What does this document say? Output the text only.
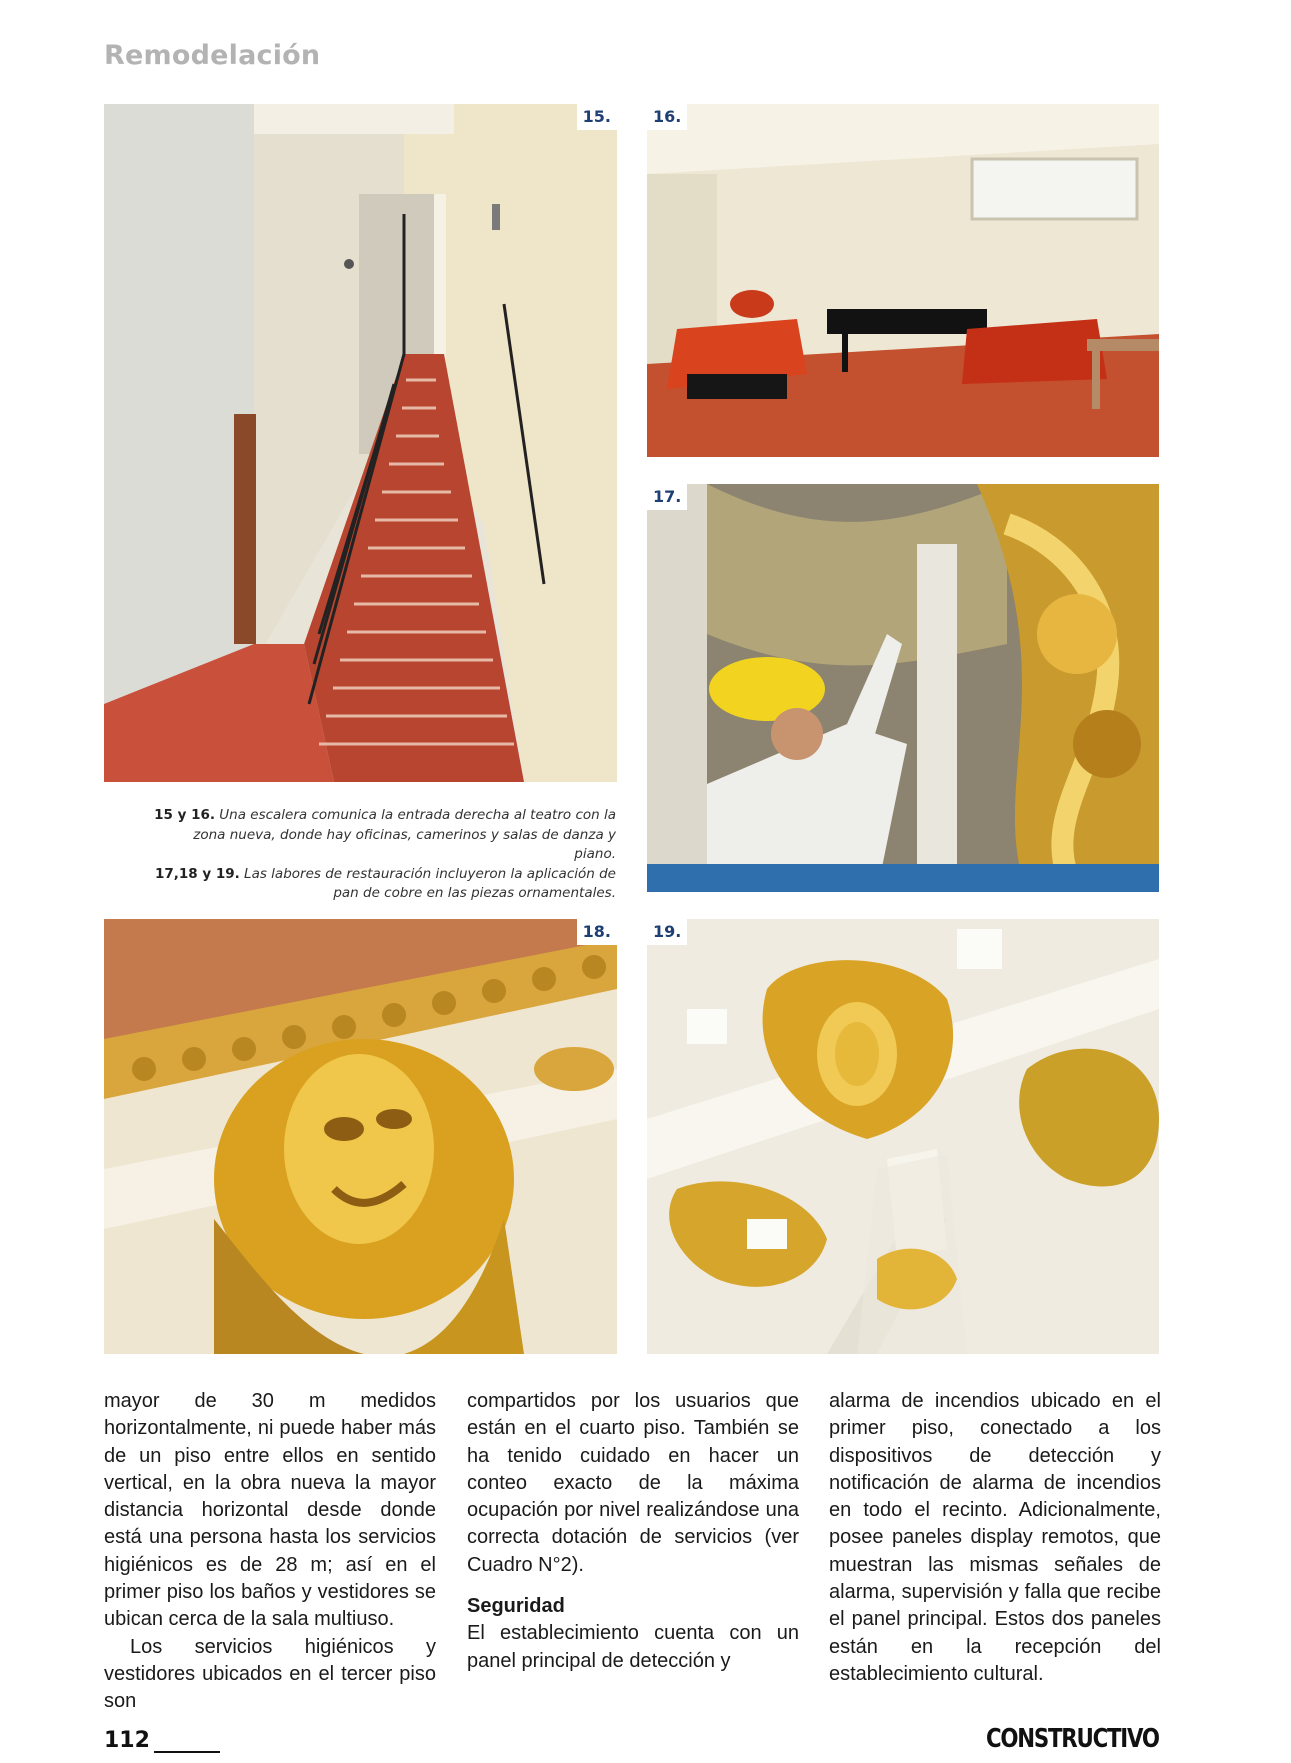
Remodelación
15.	16.
17.
18.	19.
15 y 16. Una escalera comunica la entrada derecha al teatro con la zona nueva, donde hay oficinas, camerinos y salas de danza y piano.
17,18 y 19. Las labores de restauración incluyeron la aplicación de pan de cobre en las piezas ornamentales.

mayor de 30 m medidos horizontalmente, ni puede haber más de un piso entre ellos en sentido vertical, en la obra nueva la mayor distancia horizontal desde donde está una persona hasta los servicios higiénicos es de 28 m; así en el primer piso los baños y vestidores se ubican cerca de la sala multiuso.

Los servicios higiénicos y vestidores ubicados en el tercer piso son

compartidos por los usuarios que están en el cuarto piso. También se ha tenido cuidado en hacer un conteo exacto de la máxima ocupación por nivel realizándose una correcta dotación de servicios (ver Cuadro N°2).

Seguridad

El establecimiento cuenta con un panel principal de detección y

alarma de incendios ubicado en el primer piso, conectado a los dispositivos de detección y notificación de alarma de incendios en todo el recinto. Adicionalmente, posee paneles display remotos, que muestran las mismas señales de alarma, supervisión y falla que recibe el panel principal. Estos dos paneles están en la recepción del establecimiento cultural.

112	CONSTRUCTIVO
